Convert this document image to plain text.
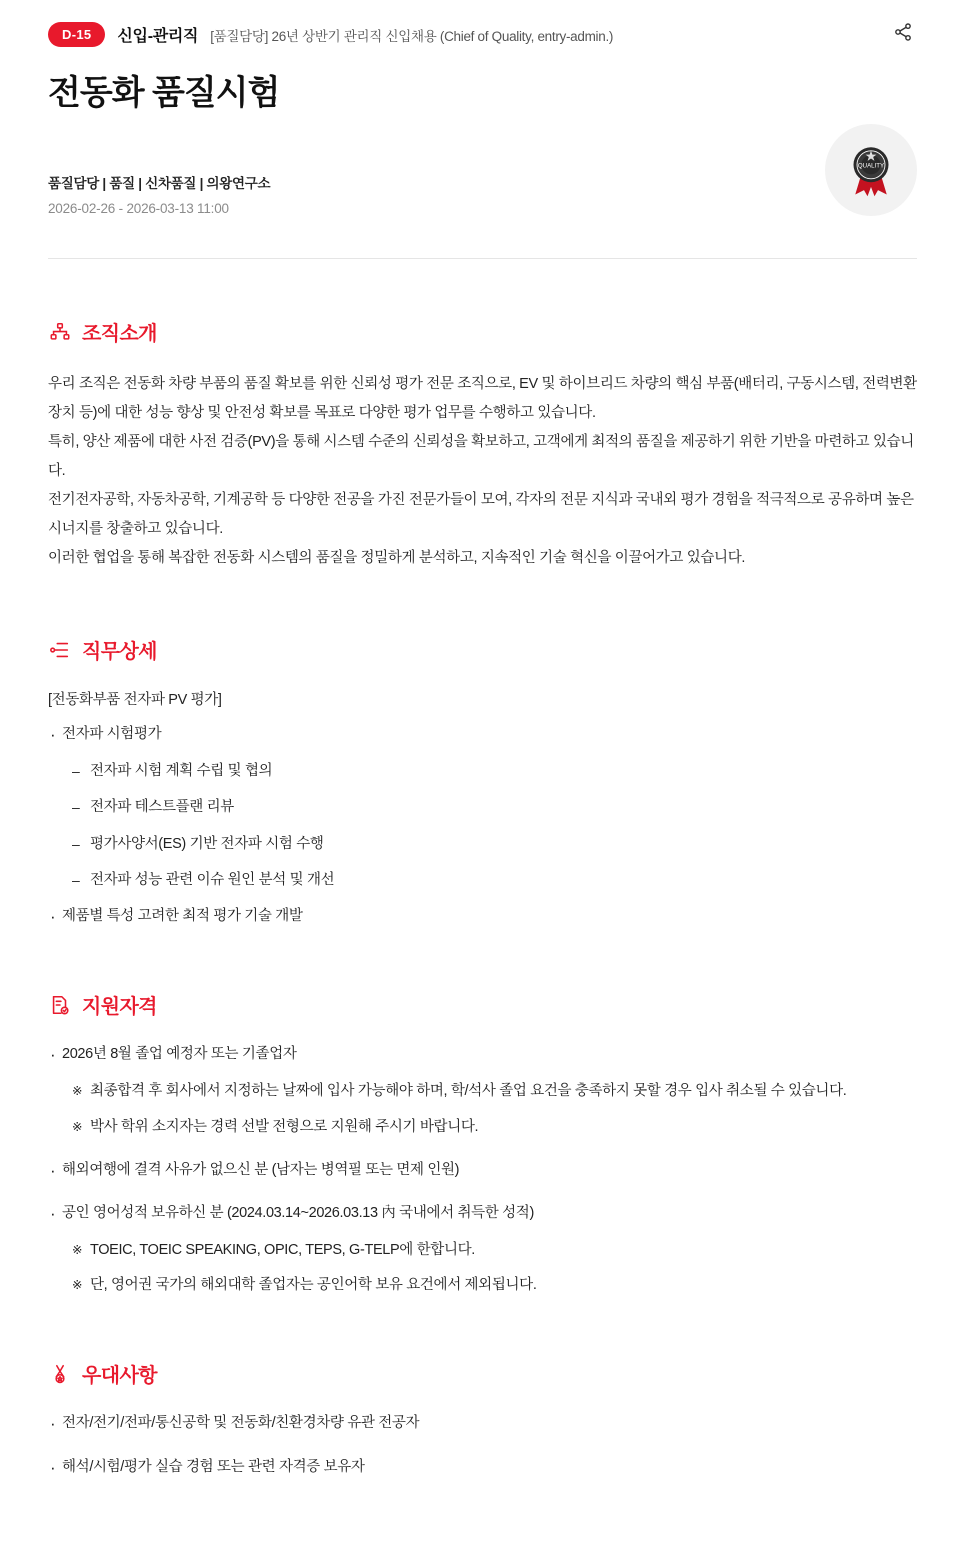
D-15	신입-관리직 [품질담당] 26년 상반기 관리직 신입채용 (Chief of Quality, entry-admin.)
전동화 품질시험
품질담당 | 품질 | 신차품질 | 의왕연구소
2026-02-26 - 2026-03-13 11:00
QUALITY
조직소개
우리 조직은 전동화 차량 부품의 품질 확보를 위한 신뢰성 평가 전문 조직으로, EV 및 하이브리드 차량의 핵심 부품(배터리, 구동시스템, 전력변환장치 등)에 대한 성능 향상 및 안전성 확보를 목표로 다양한 평가 업무를 수행하고 있습니다.
특히, 양산 제품에 대한 사전 검증(PV)을 통해 시스템 수준의 신뢰성을 확보하고, 고객에게 최적의 품질을 제공하기 위한 기반을 마련하고 있습니다.
전기전자공학, 자동차공학, 기계공학 등 다양한 전공을 가진 전문가들이 모여, 각자의 전문 지식과 국내외 평가 경험을 적극적으로 공유하며 높은 시너지를 창출하고 있습니다.
이러한 협업을 통해 복잡한 전동화 시스템의 품질을 정밀하게 분석하고, 지속적인 기술 혁신을 이끌어가고 있습니다.
직무상세
[전동화부품 전자파 PV 평가]
· 전자파 시험평가
– 전자파 시험 계획 수립 및 협의
– 전자파 테스트플랜 리뷰
– 평가사양서(ES) 기반 전자파 시험 수행
– 전자파 성능 관련 이슈 원인 분석 및 개선
· 제품별 특성 고려한 최적 평가 기술 개발
지원자격
· 2026년 8월 졸업 예정자 또는 기졸업자
※ 최종합격 후 회사에서 지정하는 날짜에 입사 가능해야 하며, 학/석사 졸업 요건을 충족하지 못할 경우 입사 취소될 수 있습니다.
※ 박사 학위 소지자는 경력 선발 전형으로 지원해 주시기 바랍니다.
· 해외여행에 결격 사유가 없으신 분 (남자는 병역필 또는 면제 인원)
· 공인 영어성적 보유하신 분 (2024.03.14~2026.03.13 內 국내에서 취득한 성적)
※ TOEIC, TOEIC SPEAKING, OPIC, TEPS, G-TELP에 한합니다.
※ 단, 영어권 국가의 해외대학 졸업자는 공인어학 보유 요건에서 제외됩니다.
우대사항
· 전자/전기/전파/통신공학 및 전동화/친환경차량 유관 전공자
· 해석/시험/평가 실습 경험 또는 관련 자격증 보유자
